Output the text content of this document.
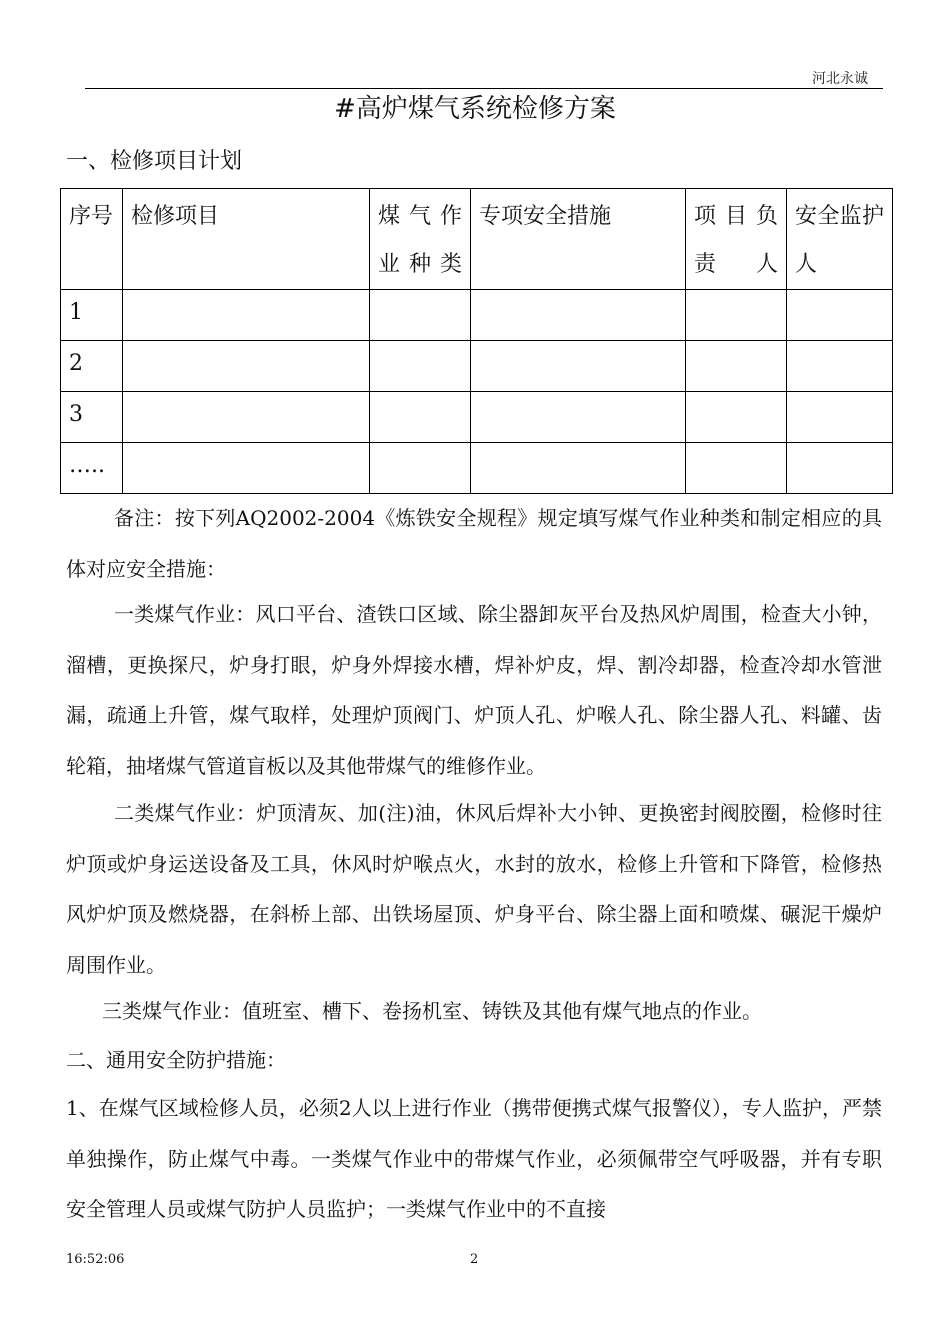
河北永诚
#高炉煤气系统检修方案
一、检修项目计划
序号	检修项目	煤气作业种类	专项安全措施	项目负责人	安全监护人
1					
2					
3					
…..					
备注：按下列AQ2002-2004《炼铁安全规程》规定填写煤气作业种类和制定相应的具体对应安全措施：
一类煤气作业：风口平台、渣铁口区域、除尘器卸灰平台及热风炉周围，检查大小钟，溜槽，更换探尺，炉身打眼，炉身外焊接水槽，焊补炉皮，焊、割冷却器，检查冷却水管泄漏，疏通上升管，煤气取样，处理炉顶阀门、炉顶人孔、炉喉人孔、除尘器人孔、料罐、齿轮箱，抽堵煤气管道盲板以及其他带煤气的维修作业。
二类煤气作业：炉顶清灰、加(注)油，休风后焊补大小钟、更换密封阀胶圈，检修时往炉顶或炉身运送设备及工具，休风时炉喉点火，水封的放水，检修上升管和下降管，检修热风炉炉顶及燃烧器，在斜桥上部、出铁场屋顶、炉身平台、除尘器上面和喷煤、碾泥干燥炉周围作业。
三类煤气作业：值班室、槽下、卷扬机室、铸铁及其他有煤气地点的作业。
二、通用安全防护措施：
1、在煤气区域检修人员，必须2人以上进行作业（携带便携式煤气报警仪），专人监护，严禁单独操作，防止煤气中毒。一类煤气作业中的带煤气作业，必须佩带空气呼吸器，并有专职安全管理人员或煤气防护人员监护；一类煤气作业中的不直接
16:52:06	2
